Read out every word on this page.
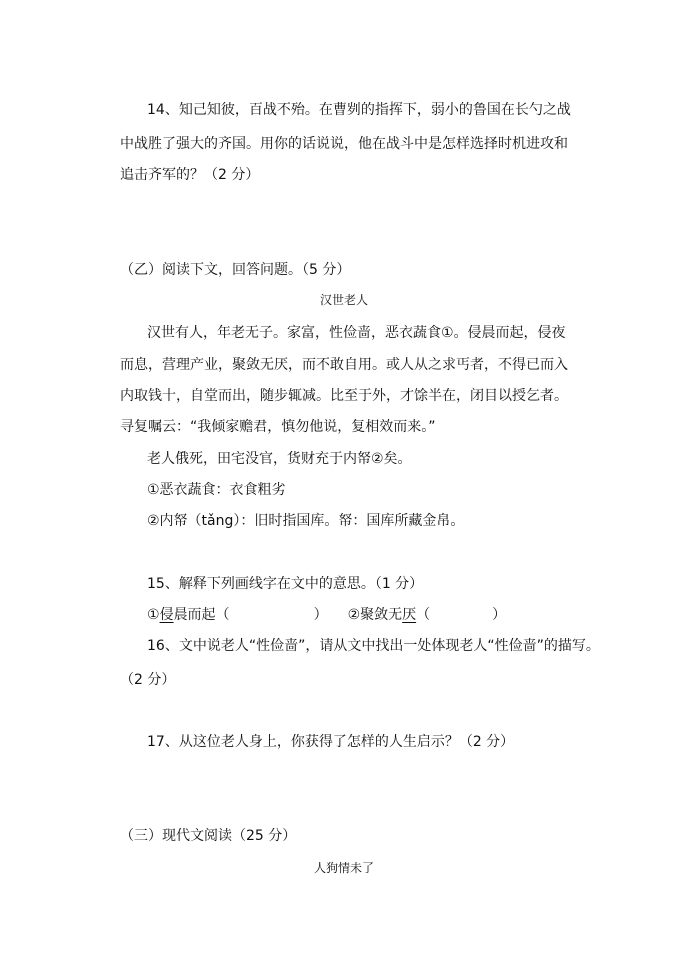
14、知己知彼，百战不殆。在曹刿的指挥下，弱小的鲁国在长勺之战
中战胜了强大的齐国。用你的话说说，他在战斗中是怎样选择时机进攻和
追击齐军的？（2 分）
（乙）阅读下文，回答问题。（5 分）
汉世老人
汉世有人，年老无子。家富，性俭啬，恶衣蔬食①。侵晨而起，侵夜
而息，营理产业，聚敛无厌，而不敢自用。或人从之求丐者，不得已而入
内取钱十，自堂而出，随步辄减。比至于外，才馀半在，闭目以授乞者。
寻复嘱云：“我倾家赡君，慎勿他说，复相效而来。”
老人俄死，田宅没官，货财充于内帑②矣。
①恶衣蔬食：衣食粗劣
②内帑（tǎng）：旧时指国库。帑：国库所藏金帛。
15、解释下列画线字在文中的意思。（1 分）
①侵晨而起（	） ②聚敛无厌（	）
16、文中说老人“性俭啬”，请从文中找出一处体现老人“性俭啬”的描写。
（2 分）
17、从这位老人身上，你获得了怎样的人生启示？（2 分）
（三）现代文阅读（25 分）
人狗情未了
